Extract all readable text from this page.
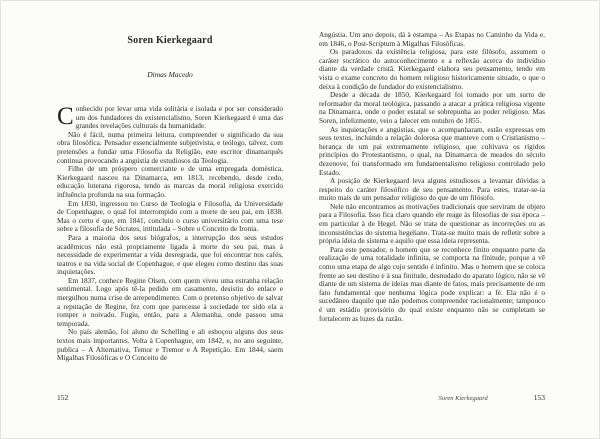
Soren Kierkegaard
Dimas Macedo

Conhecido por levar uma vida solitária e isolada e por ser considerado um dos fundadores do existencialismo, Soren Kierkegaard é uma das grandes revelações culturais da humanidade.

Não é fácil, numa primeira leitura, compreender o significado da sua obra filosófica. Pensador essencialmente subjetivista, e teólogo, talvez, com pretensões a fundar uma Filosofia da Religião, este escritor dinamarquês continua provocando a angústia de estudiosos da Teologia.

Filho de um próspero comerciante e de uma empregada doméstica, Kierkegaard nasceu na Dinamarca, em 1813, recebendo, desde cedo, educação luterana rigorosa, tendo as marcas da moral religiosa exercido influência profunda na sua formação.

Em 1830, ingressou no Curso de Teologia e Filosofia, da Universidade de Copenhague, o qual foi interrompido com a morte de seu pai, em 1838. Mas o certo é que, em 1841, concluiu o curso universitário com uma tese sobre a filosofia de Sócrates, intitulada – Sobre o Conceito de Ironia.

Para a maioria dos seus biógrafos, a interrupção dos seus estudos acadêmicos não está propriamente ligada à morte do seu pai, mas à necessidade de experimentar a vida desregrada, que foi encontrar nos cafés, teatros e na vida social de Copenhague, e que elegeu como destino das suas inquietações.

Em 1837, conhece Regine Olsen, com quem viveu uma estranha relação sentimental. Logo após tê-la pedido em casamento, desistiu do enlace e mergulhou numa crise de arrependimento. Com o pretenso objetivo de salvar a reputação de Regine, fez com que parecesse à sociedade ter sido ela a romper o noivado. Fugiu, então, para a Alemanha, onde passou uma temporada.

No país alemão, foi aluno de Schelling e ali esboçou alguns dos seus textos mais importantes. Volta à Copenhague, em 1842, e, no ano seguinte, publica – A Alternativa, Temor e Tremor e A Repetição. Em 1844, saem Migalhas Filosóficas e O Conceito de

152

Angústia. Um ano depois, dá à estampa – As Etapas no Caminho da Vida e, em 1846, o Post-Scriptum à Migalhas Filosóficas.

Os paradoxos da existência religiosa, para este filósofo, assumem o caráter socrático do autoconhecimento e a reflexão acerca do indivíduo diante da verdade cristã. Kierkegaard elabora seu pensamento, tendo em vista o exame concreto do homem religioso historicamente situado, o que o deixa à condição de fundador do existencialismo.

Desde a década de 1850, Kierkegaard foi tomado por um surto de reformador da moral teológica, passando a atacar a prática religiosa vigente na Dinamarca, onde o poder estatal se sobrepunha ao poder religioso. Mas Soren, infelizmente, veio a falecer em outubro de 1855.

As inquietações e angústias, que o acompanharam, estão expressas em seus textos, incluindo a relação dolorosa que manteve com o Cristianismo – herança de um pai extremamente religioso, que cultivava os rígidos princípios do Protestantismo, o qual, na Dinamarca de meados do século dezenove, foi transformado em fundamentalismo religioso controlado pelo Estado.

A posição de Kierkegaard leva alguns estudiosos a levantar dúvidas a respeito do caráter filosófico de seu pensamento. Para estes, tratar-se-ia muito mais de um pensador religioso do que de um filósofo.

Nele não encontramos as motivações tradicionais que serviram de objeto para a Filosofia. Isso fica claro quando ele reage às filosofias de sua época – em particular à de Hegel. Não se trata de questionar as incorreções ou as inconsistências do sistema hegeliano. Trata-se muito mais de refletir sobre a própria ideia de sistema e aquilo que essa ideia representa.

Para este pensador, o homem que se reconhece finito enquanto parte da realização de uma totalidade infinita, se comporta na finitude, porque a vê como uma etapa de algo cujo sentido é infinito. Mas o homem que se coloca frente ao seu destino e à sua finitude, desnudado do aparato lógico, não se vê diante de um sistema de ideias mas diante de fatos, mais precisamente de um fato fundamental que nenhuma lógica pode explicar: a fé. Ela não é o sucedâneo daquilo que não podemos compreender racionalmente; tampouco é um estádio provisório do qual existe enquanto não se completam se fortalecem as luzes da razão.

Soren Kierkegaard	153
